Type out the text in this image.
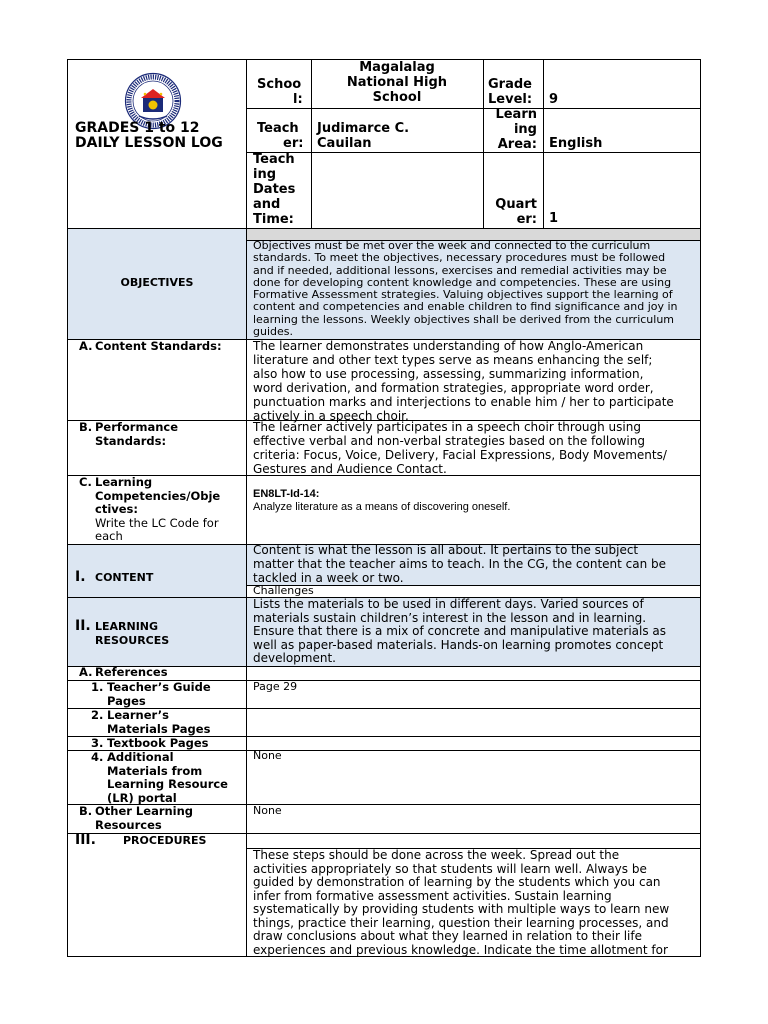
GRADES 1 to 12
DAILY LESSON LOG
Schoo
l:
Magalalag
National High
School
Grade
Level: 9
Teach
er:
Judimarce C.
Cauilan
Learn
ing
Area: English
Teach
ing
Dates
and
Time:
Quart
er: 1
OBJECTIVES
Objectives must be met over the week and connected to the curriculum
standards. To meet the objectives, necessary procedures must be followed
and if needed, additional lessons, exercises and remedial activities may be
done for developing content knowledge and competencies. These are using
Formative Assessment strategies. Valuing objectives support the learning of
content and competencies and enable children to find significance and joy in
learning the lessons. Weekly objectives shall be derived from the curriculum
guides.
A. Content Standards:	The learner demonstrates understanding of how Anglo-American
literature and other text types serve as means enhancing the self;
also how to use processing, assessing, summarizing information,
word derivation, and formation strategies, appropriate word order,
punctuation marks and interjections to enable him / her to participate
actively in a speech choir.
B. Performance
Standards:
The learner actively participates in a speech choir through using
effective verbal and non-verbal strategies based on the following
criteria: Focus, Voice, Delivery, Facial Expressions, Body Movements/
Gestures and Audience Contact.
C. Learning
Competencies/Obje
ctives:
Write the LC Code for
each
EN8LT-Id-14:
Analyze literature as a means of discovering oneself.
I. CONTENT
Content is what the lesson is all about. It pertains to the subject
matter that the teacher aims to teach. In the CG, the content can be
tackled in a week or two.
Challenges
II. LEARNING
RESOURCES
Lists the materials to be used in different days. Varied sources of
materials sustain children’s interest in the lesson and in learning.
Ensure that there is a mix of concrete and manipulative materials as
well as paper-based materials. Hands-on learning promotes concept
development.
A. References
1. Teacher’s Guide
Pages
Page 29
2. Learner’s
Materials Pages
3. Textbook Pages
4. Additional
Materials from
Learning Resource
(LR) portal
None
B. Other Learning
Resources
None
III. PROCEDURES
These steps should be done across the week. Spread out the
activities appropriately so that students will learn well. Always be
guided by demonstration of learning by the students which you can
infer from formative assessment activities. Sustain learning
systematically by providing students with multiple ways to learn new
things, practice their learning, question their learning processes, and
draw conclusions about what they learned in relation to their life
experiences and previous knowledge. Indicate the time allotment for
